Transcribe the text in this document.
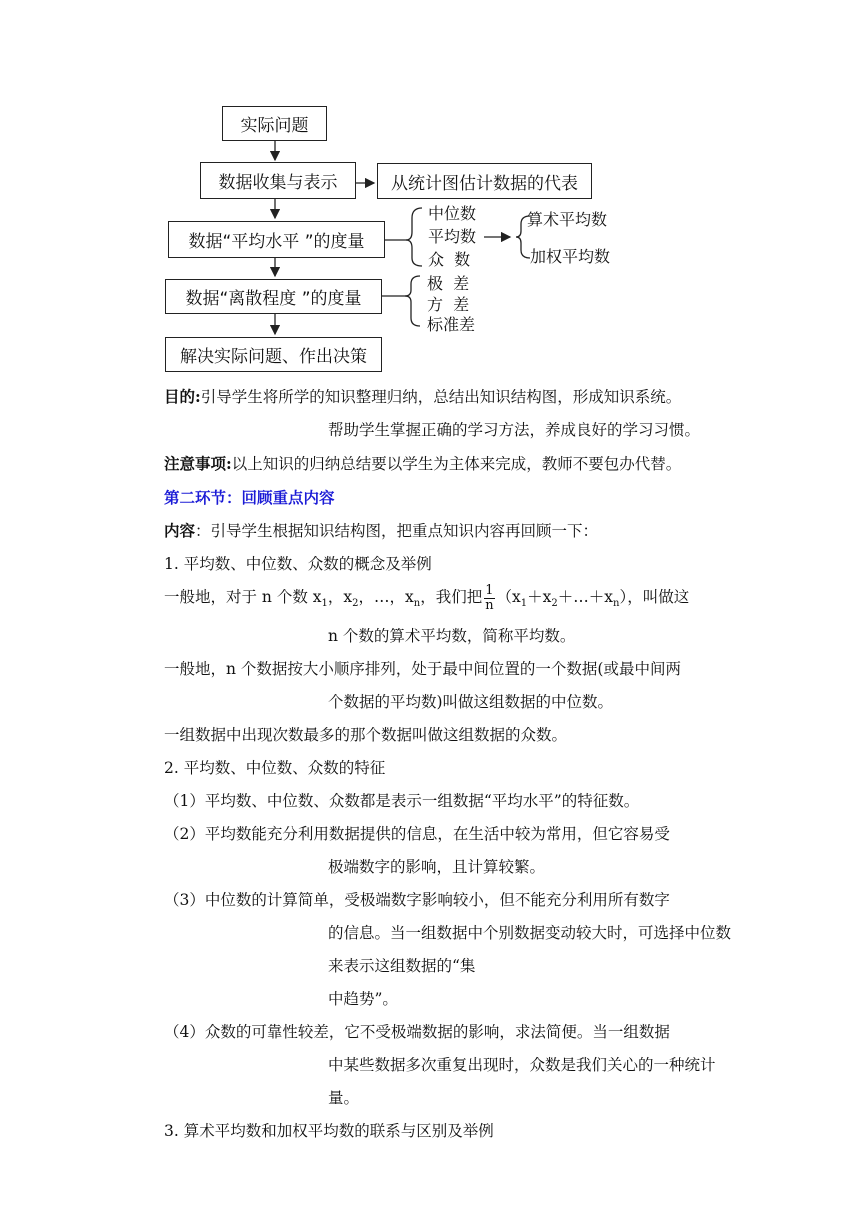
实际问题
数据收集与表示	从统计图估计数据的代表
数据“平均水平 ”的度量
数据“离散程度 ”的度量
解决实际问题、作出决策
中位数
平均数
众  数
算术平均数
加权平均数
极  差
方  差
标准差

目的:引导学生将所学的知识整理归纳，总结出知识结构图，形成知识系统。

帮助学生掌握正确的学习方法，养成良好的学习习惯。

注意事项:以上知识的归纳总结要以学生为主体来完成，教师不要包办代替。

第二环节：回顾重点内容

内容：引导学生根据知识结构图，把重点知识内容再回顾一下：

1. 平均数、中位数、众数的概念及举例

一般地，对于 n 个数 $x_1$，$x_2$，…，$x_n$，我们把 $\frac{1}{n}$ $(x_1+x_2+\dots+x_n)$，叫做这

n 个数的算术平均数，简称平均数。

一般地，n 个数据按大小顺序排列，处于最中间位置的一个数据(或最中间两

个数据的平均数)叫做这组数据的中位数。

一组数据中出现次数最多的那个数据叫做这组数据的众数。

2. 平均数、中位数、众数的特征

（1）平均数、中位数、众数都是表示一组数据“平均水平”的特征数。

（2）平均数能充分利用数据提供的信息，在生活中较为常用，但它容易受

极端数字的影响，且计算较繁。

（3）中位数的计算简单，受极端数字影响较小，但不能充分利用所有数字

的信息。当一组数据中个别数据变动较大时，可选择中位数来表示这组数据的“集

中趋势”。

（4）众数的可靠性较差，它不受极端数据的影响，求法简便。当一组数据

中某些数据多次重复出现时，众数是我们关心的一种统计量。

3. 算术平均数和加权平均数的联系与区别及举例
